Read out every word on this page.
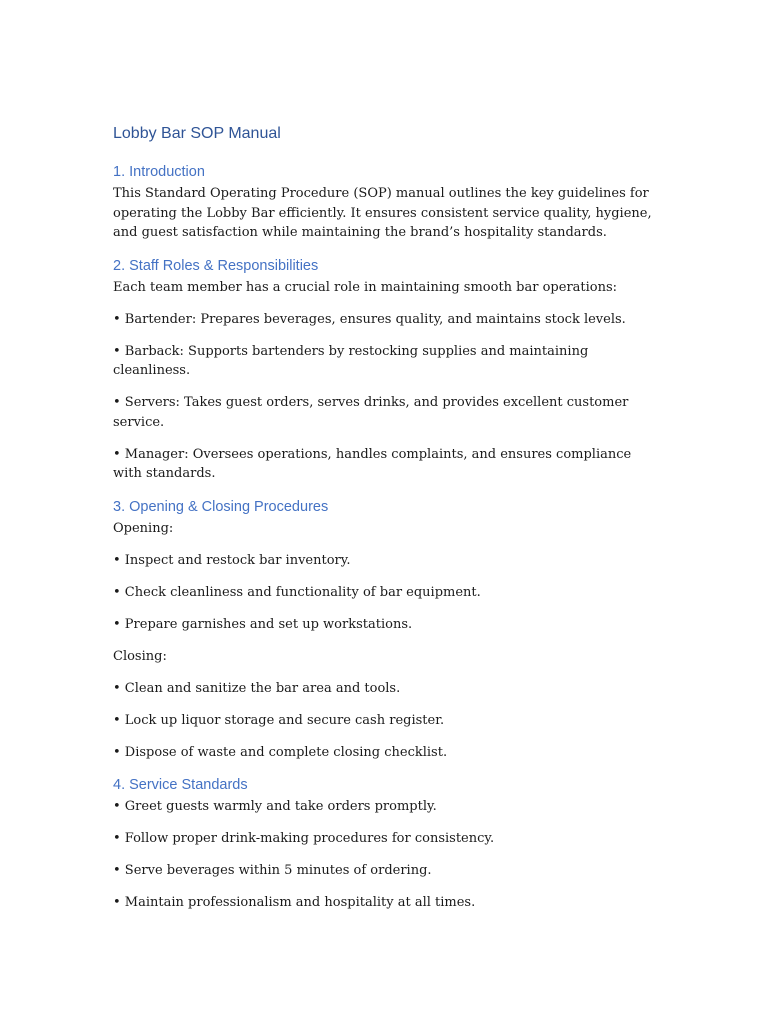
Lobby Bar SOP Manual
1. Introduction

This Standard Operating Procedure (SOP) manual outlines the key guidelines for operating the Lobby Bar efficiently. It ensures consistent service quality, hygiene, and guest satisfaction while maintaining the brand’s hospitality standards.

2. Staff Roles & Responsibilities

Each team member has a crucial role in maintaining smooth bar operations:

• Bartender: Prepares beverages, ensures quality, and maintains stock levels.

• Barback: Supports bartenders by restocking supplies and maintaining cleanliness.

• Servers: Takes guest orders, serves drinks, and provides excellent customer service.

• Manager: Oversees operations, handles complaints, and ensures compliance with standards.

3. Opening & Closing Procedures

Opening:

• Inspect and restock bar inventory.

• Check cleanliness and functionality of bar equipment.

• Prepare garnishes and set up workstations.

Closing:

• Clean and sanitize the bar area and tools.

• Lock up liquor storage and secure cash register.

• Dispose of waste and complete closing checklist.

4. Service Standards

• Greet guests warmly and take orders promptly.

• Follow proper drink-making procedures for consistency.

• Serve beverages within 5 minutes of ordering.

• Maintain professionalism and hospitality at all times.
